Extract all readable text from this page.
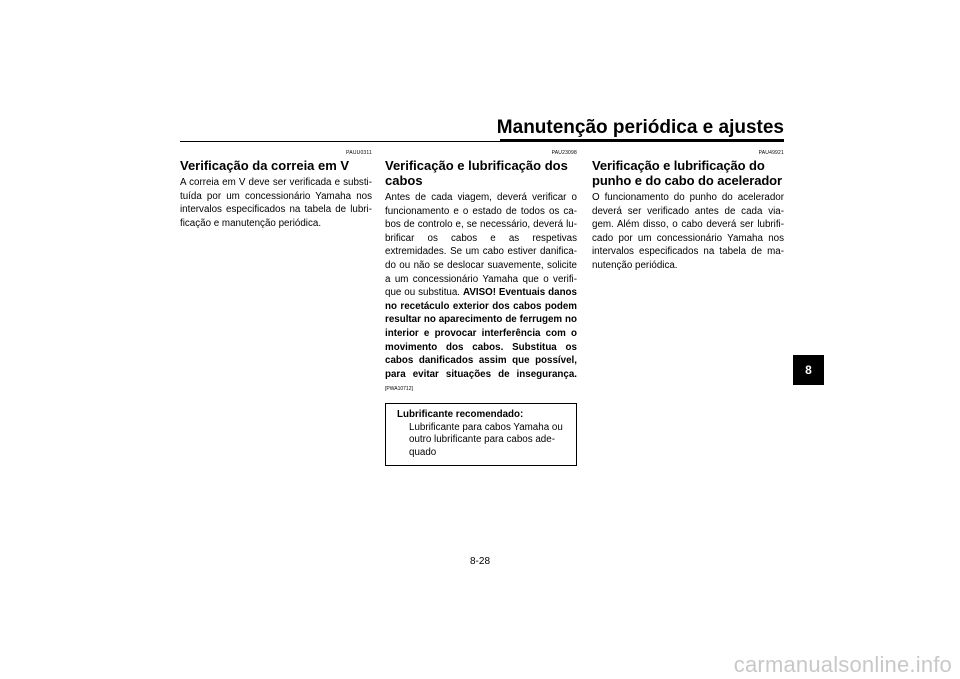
Manutenção periódica e ajustes
PAUU0311
Verificação da correia em V

A correia em V deve ser verificada e substituída por um concessionário Yamaha nos intervalos especificados na tabela de lubrificação e manutenção periódica.

PAU23098
Verificação e lubrificação dos cabos

Antes de cada viagem, deverá verificar o funcionamento e o estado de todos os cabos de controlo e, se necessário, deverá lubrificar os cabos e as respetivas extremidades. Se um cabo estiver danificado ou não se deslocar suavemente, solicite a um concessionário Yamaha que o verifique ou substitua. AVISO! Eventuais danos no recetáculo exterior dos cabos podem resultar no aparecimento de ferrugem no interior e provocar interferência com o movimento dos cabos. Substitua os cabos danificados assim que possível, para evitar situações de insegurança. [PWA10712]

Lubrificante recomendado:
Lubrificante para cabos Yamaha ou outro lubrificante para cabos adequado
PAU49921
Verificação e lubrificação do punho e do cabo do acelerador

O funcionamento do punho do acelerador deverá ser verificado antes de cada viagem. Além disso, o cabo deverá ser lubrificado por um concessionário Yamaha nos intervalos especificados na tabela de manutenção periódica.

8
8-28
carmanualsonline.info
